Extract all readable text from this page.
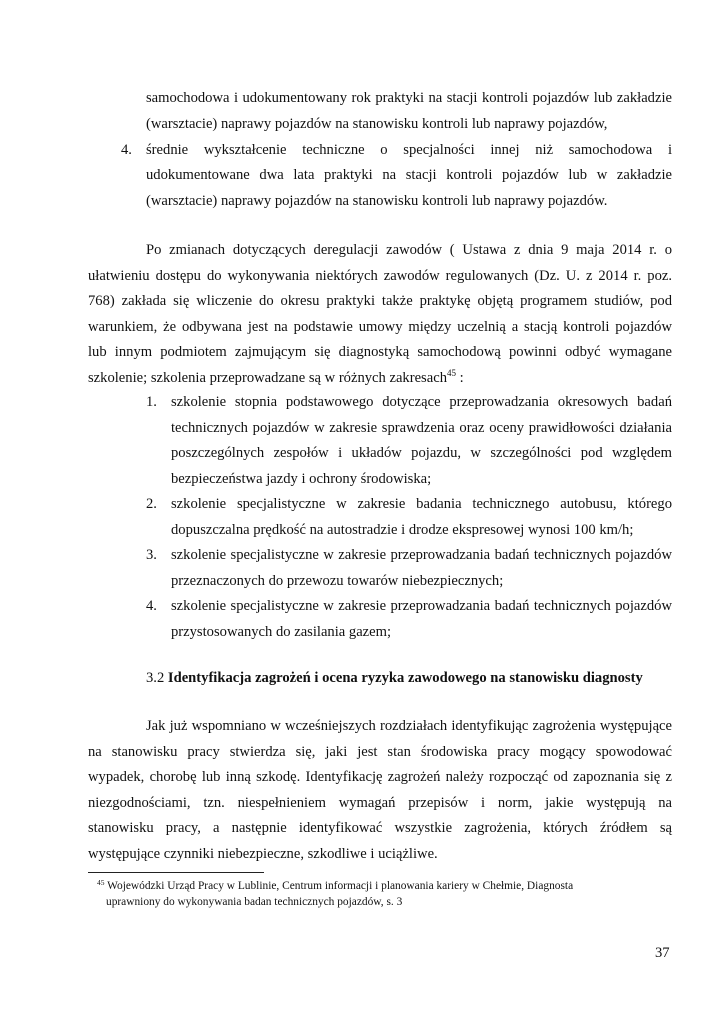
samochodowa i udokumentowany rok praktyki na stacji kontroli pojazdów lub zakładzie
(warsztacie) naprawy pojazdów na stanowisku kontroli lub naprawy pojazdów,
4. średnie wykształcenie techniczne o specjalności innej niż samochodowa i
udokumentowane dwa lata praktyki na stacji kontroli pojazdów lub w zakładzie
(warsztacie) naprawy pojazdów na stanowisku kontroli lub naprawy pojazdów.
Po zmianach dotyczących deregulacji zawodów ( Ustawa z dnia 9 maja 2014 r. o
ułatwieniu dostępu do wykonywania niektórych zawodów regulowanych (Dz. U. z 2014 r. poz.
768) zakłada się wliczenie do okresu praktyki także praktykę objętą programem studiów, pod
warunkiem, że odbywana jest na podstawie umowy między uczelnią a stacją kontroli pojazdów
lub innym podmiotem zajmującym się diagnostyką samochodową powinni odbyć wymagane
szkolenie; szkolenia przeprowadzane są w różnych zakresach$^{45}$ :
1. szkolenie stopnia podstawowego dotyczące przeprowadzania okresowych badań
technicznych pojazdów w zakresie sprawdzenia oraz oceny prawidłowości działania
poszczególnych zespołów i układów pojazdu, w szczególności pod względem
bezpieczeństwa jazdy i ochrony środowiska;
2. szkolenie specjalistyczne w zakresie badania technicznego autobusu, którego
dopuszczalna prędkość na autostradzie i drodze ekspresowej wynosi 100 km/h;
3. szkolenie specjalistyczne w zakresie przeprowadzania badań technicznych pojazdów
przeznaczonych do przewozu towarów niebezpiecznych;
4. szkolenie specjalistyczne w zakresie przeprowadzania badań technicznych pojazdów
przystosowanych do zasilania gazem;
3.2 Identyfikacja zagrożeń i ocena ryzyka zawodowego na stanowisku diagnosty
Jak już wspomniano w wcześniejszych rozdziałach identyfikując zagrożenia występujące
na stanowisku pracy stwierdza się, jaki jest stan środowiska pracy mogący spowodować
wypadek, chorobę lub inną szkodę. Identyfikację zagrożeń należy rozpocząć od zapoznania się z
niezgodnościami, tzn. niespełnieniem wymagań przepisów i norm, jakie występują na
stanowisku pracy, a następnie identyfikować wszystkie zagrożenia, których źródłem są
występujące czynniki niebezpieczne, szkodliwe i uciążliwe.
$^{45}$ Wojewódzki Urząd Pracy w Lublinie, Centrum informacji i planowania kariery w Chełmie, Diagnosta
uprawniony do wykonywania badan technicznych pojazdów, s. 3
37
